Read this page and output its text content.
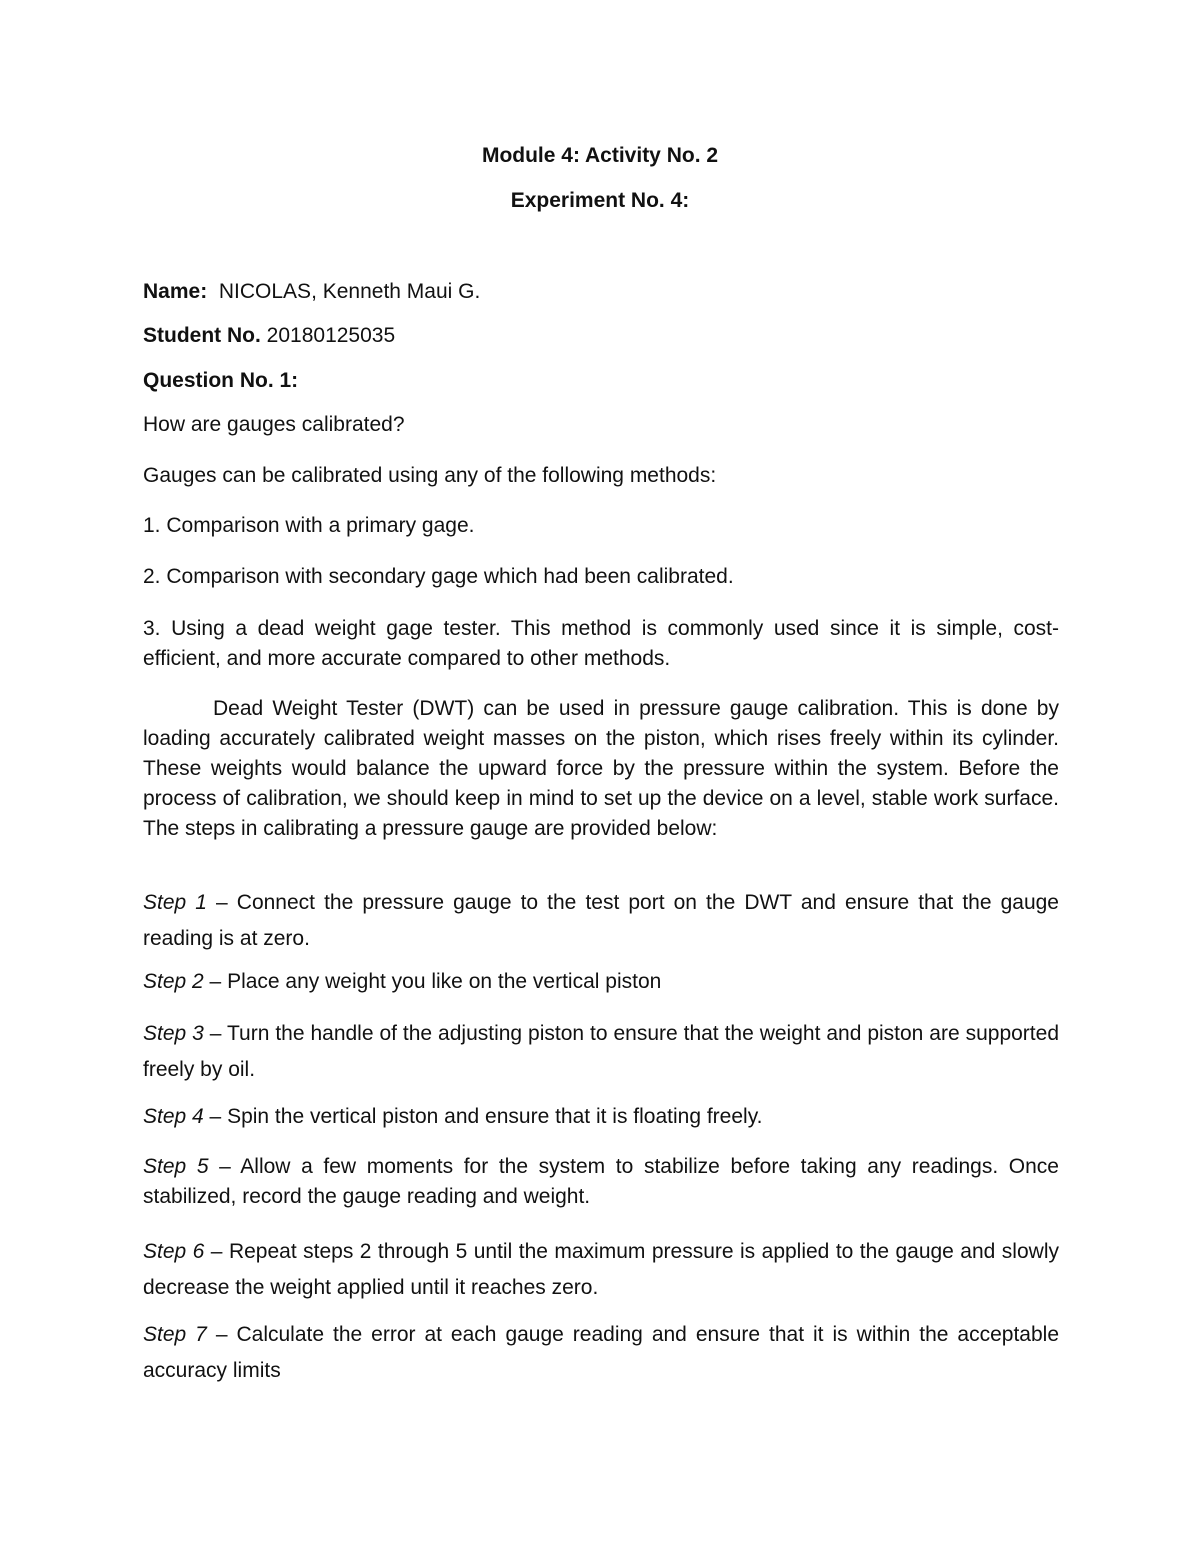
Module 4: Activity No. 2
Experiment No. 4:
Name: NICOLAS, Kenneth Maui G.
Student No. 20180125035
Question No. 1:
How are gauges calibrated?
Gauges can be calibrated using any of the following methods:
1. Comparison with a primary gage.
2. Comparison with secondary gage which had been calibrated.
3. Using a dead weight gage tester. This method is commonly used since it is simple, cost-efficient, and more accurate compared to other methods.
Dead Weight Tester (DWT) can be used in pressure gauge calibration. This is done by loading accurately calibrated weight masses on the piston, which rises freely within its cylinder. These weights would balance the upward force by the pressure within the system. Before the process of calibration, we should keep in mind to set up the device on a level, stable work surface. The steps in calibrating a pressure gauge are provided below:
Step 1 – Connect the pressure gauge to the test port on the DWT and ensure that the gauge reading is at zero.
Step 2 – Place any weight you like on the vertical piston
Step 3 – Turn the handle of the adjusting piston to ensure that the weight and piston are supported freely by oil.
Step 4 – Spin the vertical piston and ensure that it is floating freely.
Step 5 – Allow a few moments for the system to stabilize before taking any readings. Once stabilized, record the gauge reading and weight.
Step 6 – Repeat steps 2 through 5 until the maximum pressure is applied to the gauge and slowly decrease the weight applied until it reaches zero.
Step 7 – Calculate the error at each gauge reading and ensure that it is within the acceptable accuracy limits
